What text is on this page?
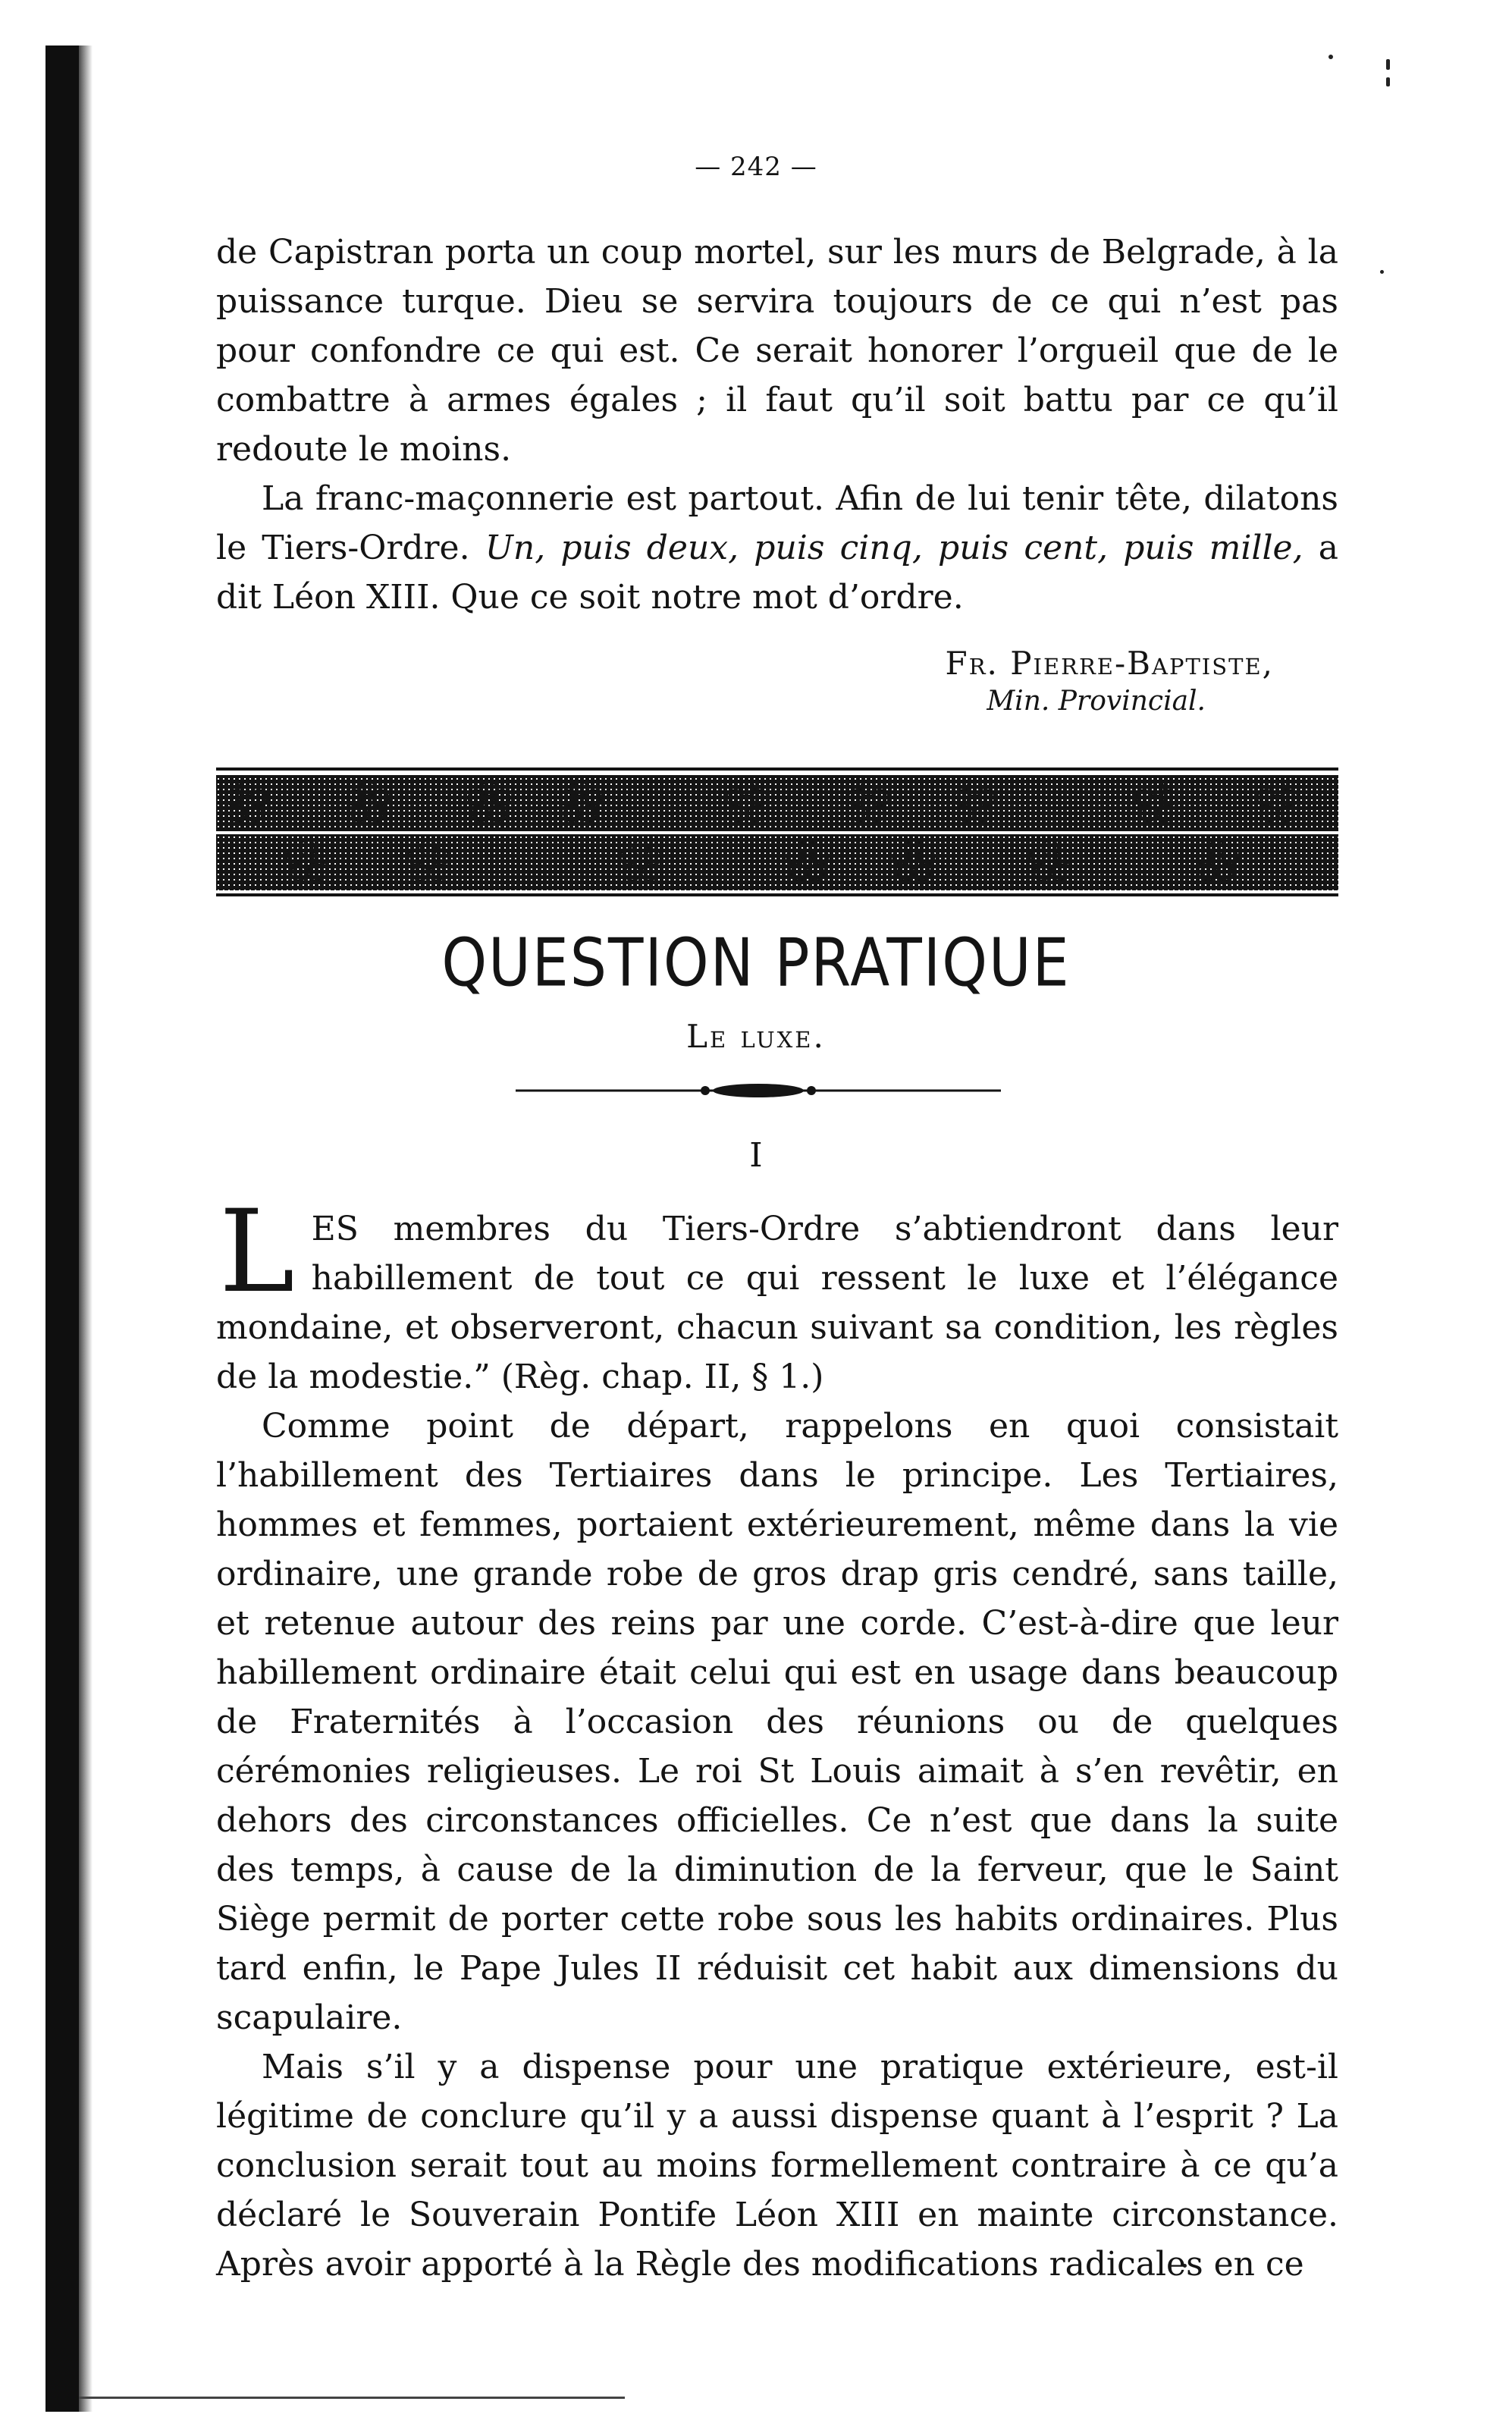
— 242 —

de Capistran porta un coup mortel, sur les murs de Belgrade, à la puissance turque. Dieu se servira toujours de ce qui n’est pas pour confondre ce qui est. Ce serait honorer l’orgueil que de le combattre à armes égales ; il faut qu’il soit battu par ce qu’il redoute le moins.

La franc-maçonnerie est partout. Afin de lui tenir tête, dilatons le Tiers-Ordre. Un, puis deux, puis cinq, puis cent, puis mille, a dit Léon XIII. Que ce soit notre mot d’ordre.

Fr. Pierre-Baptiste,
Min. Provincial.
QUESTION PRATIQUE
Le luxe.
I
L ES membres du Tiers-Ordre s’abtiendront dans leur habillement de tout ce qui ressent le luxe et l’élégance mondaine, et observeront, chacun suivant sa condition, les règles de la modestie.” (Règ. chap. II, § 1.)

Comme point de départ, rappelons en quoi consistait l’habillement des Tertiaires dans le principe. Les Tertiaires, hommes et femmes, portaient extérieurement, même dans la vie ordinaire, une grande robe de gros drap gris cendré, sans taille, et retenue autour des reins par une corde. C’est-à-dire que leur habillement ordinaire était celui qui est en usage dans beaucoup de Fraternités à l’occasion des réunions ou de quelques cérémonies religieuses. Le roi St Louis aimait à s’en revêtir, en dehors des circonstances officielles. Ce n’est que dans la suite des temps, à cause de la diminution de la ferveur, que le Saint Siège permit de porter cette robe sous les habits ordinaires. Plus tard enfin, le Pape Jules II réduisit cet habit aux dimensions du scapulaire.

Mais s’il y a dispense pour une pratique extérieure, est-il légitime de conclure qu’il y a aussi dispense quant à l’esprit ? La conclusion serait tout au moins formellement contraire à ce qu’a déclaré le Souverain Pontife Léon XIII en mainte circonstance. Après avoir apporté à la Règle des modifications radicales en ce
